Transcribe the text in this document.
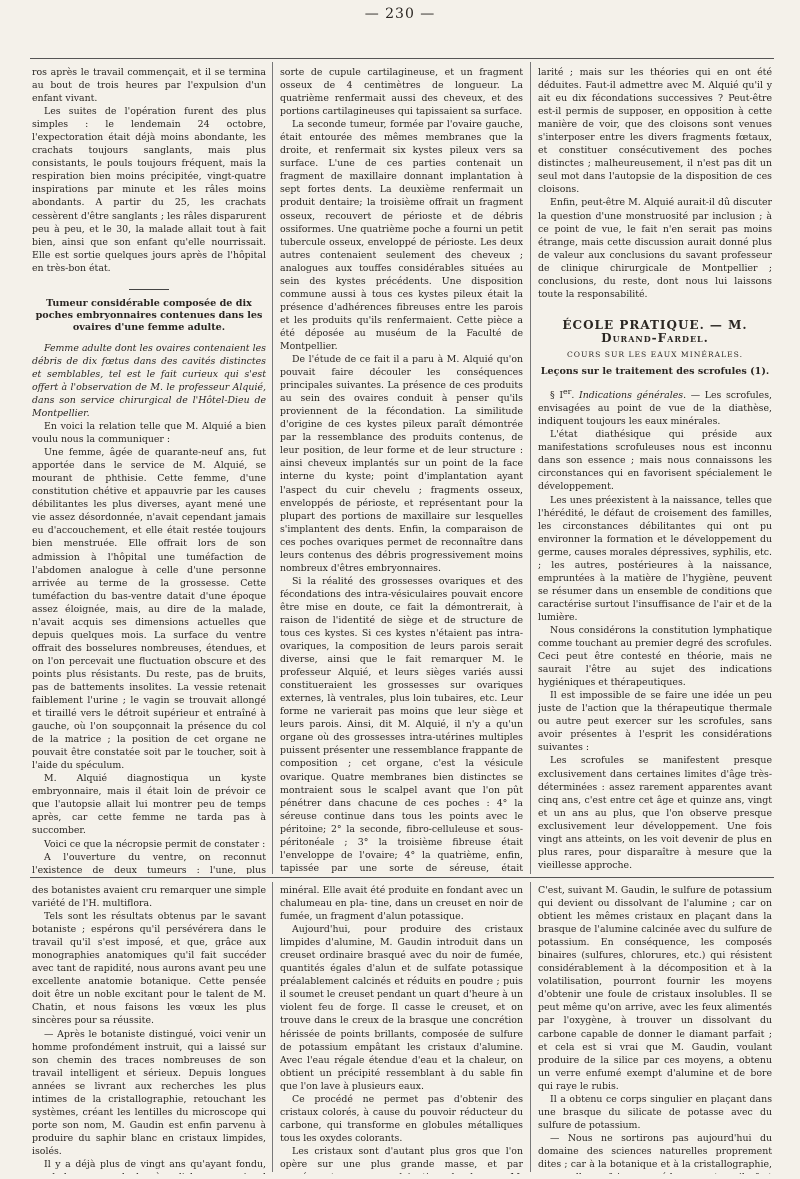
— 230 —

ros après le travail commençait, et il se termina au bout de trois heures par l'expulsion d'un enfant vivant.

Les suites de l'opération furent des plus simples : le lendemain 24 octobre, l'expectoration était déjà moins abondante, les crachats toujours sanglants, mais plus consistants, le pouls toujours fréquent, mais la respiration bien moins précipitée, vingt-quatre inspirations par minute et les râles moins abondants. A partir du 25, les crachats cessèrent d'être sanglants ; les râles disparurent peu à peu, et le 30, la malade allait tout à fait bien, ainsi que son enfant qu'elle nourrissait. Elle est sortie quelques jours après de l'hôpital en très-bon état.

Tumeur considérable composée de dix poches embryonnaires contenues dans les ovaires d'une femme adulte.

Femme adulte dont les ovaires contenaient les débris de dix fœtus dans des cavités distinctes et semblables, tel est le fait curieux qui s'est offert à l'observation de M. le professeur Alquié, dans son service chirurgical de l'Hôtel-Dieu de Montpellier.

En voici la relation telle que M. Alquié a bien voulu nous la communiquer :

Une femme, âgée de quarante-neuf ans, fut apportée dans le service de M. Alquié, se mourant de phthisie. Cette femme, d'une constitution chétive et appauvrie par les causes débilitantes les plus diverses, ayant mené une vie assez désordonnée, n'avait cependant jamais eu d'accouchement, et elle était restée toujours bien menstruée. Elle offrait lors de son admission à l'hôpital une tuméfaction de l'abdomen analogue à celle d'une personne arrivée au terme de la grossesse. Cette tuméfaction du bas-ventre datait d'une époque assez éloignée, mais, au dire de la malade, n'avait acquis ses dimensions actuelles que depuis quelques mois. La surface du ventre offrait des bosselures nombreuses, étendues, et on l'on percevait une fluctuation obscure et des points plus résistants. Du reste, pas de bruits, pas de battements insolites. La vessie retenait faiblement l'urine ; le vagin se trouvait allongé et tiraillé vers le détroit supérieur et entraîné à gauche, où l'on soupçonnait la présence du col de la matrice ; la position de cet organe ne pouvait être constatée soit par le toucher, soit à l'aide du spéculum.

M. Alquié diagnostiqua un kyste embryonnaire, mais il était loin de prévoir ce que l'autopsie allait lui montrer peu de temps après, car cette femme ne tarda pas à succomber.

Voici ce que la nécropsie permit de constater :

A l'ouverture du ventre, on reconnut l'existence de deux tumeurs : l'une, plus

sorte de cupule cartilagineuse, et un fragment osseux de 4 centimètres de longueur. La quatrième renfermait aussi des cheveux, et des portions cartilagineuses qui tapissaient sa surface.

La seconde tumeur, formée par l'ovaire gauche, était entourée des mêmes membranes que la droite, et renfermait six kystes pileux vers sa surface. L'une de ces parties contenait un fragment de maxillaire donnant implantation à sept fortes dents. La deuxième renfermait un produit dentaire; la troisième offrait un fragment osseux, recouvert de périoste et de débris ossiformes. Une quatrième poche a fourni un petit tubercule osseux, enveloppé de périoste. Les deux autres contenaient seulement des cheveux ; analogues aux touffes considérables situées au sein des kystes précédents. Une disposition commune aussi à tous ces kystes pileux était la présence d'adhérences fibreuses entre les parois et les produits qu'ils renfermaient. Cette pièce a été déposée au muséum de la Faculté de Montpellier.

De l'étude de ce fait il a paru à M. Alquié qu'on pouvait faire découler les conséquences principales suivantes. La présence de ces produits au sein des ovaires conduit à penser qu'ils proviennent de la fécondation. La similitude d'origine de ces kystes pileux paraît démontrée par la ressemblance des produits contenus, de leur position, de leur forme et de leur structure : ainsi cheveux implantés sur un point de la face interne du kyste; point d'implantation ayant l'aspect du cuir chevelu ; fragments osseux, enveloppés de périoste, et représentant pour la plupart des portions de maxillaire sur lesquelles s'implantent des dents. Enfin, la comparaison de ces poches ovariques permet de reconnaître dans leurs contenus des débris progressivement moins nombreux d'êtres embryonnaires.

Si la réalité des grossesses ovariques et des fécondations des intra-vésiculaires pouvait encore être mise en doute, ce fait la démontrerait, à raison de l'identité de siège et de structure de tous ces kystes. Si ces kystes n'étaient pas intra-ovariques, la composition de leurs parois serait diverse, ainsi que le fait remarquer M. le professeur Alquié, et leurs sièges variés aussi constitueraient les grossesses sur ovariques externes, là ventrales, plus loin tubaires, etc. Leur forme ne varierait pas moins que leur siège et leurs parois. Ainsi, dit M. Alquié, il n'y a qu'un organe où des grossesses intra-utérines multiples puissent présenter une ressemblance frappante de composition ; cet organe, c'est la vésicule ovarique. Quatre membranes bien distinctes se montraient sous le scalpel avant que l'on pût pénétrer dans chacune de ces poches : 4° la séreuse continue dans tous les points avec le péritoine; 2° la seconde, fibro-celluleuse et sous-péritonéale ; 3° la troisième fibreuse était l'enveloppe de l'ovaire; 4° la quatrième, enfin, tapissée par une sorte de séreuse, était

larité ; mais sur les théories qui en ont été déduites. Faut-il admettre avec M. Alquié qu'il y ait eu dix fécondations successives ? Peut-être est-il permis de supposer, en opposition à cette manière de voir, que des cloisons sont venues s'interposer entre les divers fragments fœtaux, et constituer consécutivement des poches distinctes ; malheureusement, il n'est pas dit un seul mot dans l'autopsie de la disposition de ces cloisons.

Enfin, peut-être M. Alquié aurait-il dû discuter la question d'une monstruosité par inclusion ; à ce point de vue, le fait n'en serait pas moins étrange, mais cette discussion aurait donné plus de valeur aux conclusions du savant professeur de clinique chirurgicale de Montpellier ; conclusions, du reste, dont nous lui laissons toute la responsabilité.

ÉCOLE PRATIQUE. — M. Durand-Fardel.
COURS SUR LES EAUX MINÉRALES.
Leçons sur le traitement des scrofules (1).

§ Ier. Indications générales. — Les scrofules, envisagées au point de vue de la diathèse, indiquent toujours les eaux minérales.

L'état diathésique qui préside aux manifestations scrofuleuses nous est inconnu dans son essence ; mais nous connaissons les circonstances qui en favorisent spécialement le développement.

Les unes préexistent à la naissance, telles que l'hérédité, le défaut de croisement des familles, les circonstances débilitantes qui ont pu environner la formation et le développement du germe, causes morales dépressives, syphilis, etc. ; les autres, postérieures à la naissance, empruntées à la matière de l'hygiène, peuvent se résumer dans un ensemble de conditions que caractérise surtout l'insuffisance de l'air et de la lumière.

Nous considérons la constitution lymphatique comme touchant au premier degré des scrofules. Ceci peut être contesté en théorie, mais ne saurait l'être au sujet des indications hygiéniques et thérapeutiques.

Il est impossible de se faire une idée un peu juste de l'action que la thérapeutique thermale ou autre peut exercer sur les scrofules, sans avoir présentes à l'esprit les considérations suivantes :

Les scrofules se manifestent presque exclusivement dans certaines limites d'âge très-déterminées : assez rarement apparentes avant cinq ans, c'est entre cet âge et quinze ans, vingt et un ans au plus, que l'on observe presque exclusivement leur développement. Une fois vingt ans atteints, on les voit devenir de plus en plus rares, pour disparaître à mesure que la vieillesse approche.

des botanistes avaient cru remarquer une simple variété de l'H. multiflora.

Tels sont les résultats obtenus par le savant botaniste ; espérons qu'il persévérera dans le travail qu'il s'est imposé, et que, grâce aux monographies anatomiques qu'il fait succéder avec tant de rapidité, nous aurons avant peu une excellente anatomie botanique. Cette pensée doit être un noble excitant pour le talent de M. Chatin, et nous faisons les vœux les plus sincères pour sa réussite.

— Après le botaniste distingué, voici venir un homme profondément instruit, qui a laissé sur son chemin des traces nombreuses de son travail intelligent et sérieux. Depuis longues années se livrant aux recherches les plus intimes de la cristallographie, retouchant les systèmes, créant les lentilles du microscope qui porte son nom, M. Gaudin est enfin parvenu à produire du saphir blanc en cristaux limpides, isolés.

Il y a déjà plus de vingt ans qu'ayant fondu,

minéral. Elle avait été produite en fondant avec un chalumeau en pla- tine, dans un creuset en noir de fumée, un fragment d'alun potassique.

Aujourd'hui, pour produire des cristaux limpides d'alumine, M. Gaudin introduit dans un creuset ordinaire brasqué avec du noir de fumée, quantités égales d'alun et de sulfate potassique préalablement calcinés et réduits en poudre ; puis il soumet le creuset pendant un quart d'heure à un violent feu de forge. Il casse le creuset, et on trouve dans le creux de la brasque une concrétion hérissée de points brillants, composée de sulfure de potassium empâtant les cristaux d'alumine. Avec l'eau régale étendue d'eau et la chaleur, on obtient un précipité ressemblant à du sable fin que l'on lave à plusieurs eaux.

Ce procédé ne permet pas d'obtenir des cristaux colorés, à cause du pouvoir réducteur du carbone, qui transforme en globules métalliques tous les oxydes colorants.

Les cristaux sont d'autant plus gros que l'on opère sur une plus grande masse, et par

C'est, suivant M. Gaudin, le sulfure de potassium qui devient ou dissolvant de l'alumine ; car on obtient les mêmes cristaux en plaçant dans la brasque de l'alumine calcinée avec du sulfure de potassium. En conséquence, les composés binaires (sulfures, chlorures, etc.) qui résistent considérablement à la décomposition et à la volatilisation, pourront fournir les moyens d'obtenir une foule de cristaux insolubles. Il se peut même qu'on arrive, avec les feux alimentés par l'oxygène, à trouver un dissolvant du carbone capable de donner le diamant parfait ; et cela est si vrai que M. Gaudin, voulant produire de la silice par ces moyens, a obtenu un verre enfumé exempt d'alumine et de bore qui raye le rubis.

Il a obtenu ce corps singulier en plaçant dans une brasque du silicate de potasse avec du sulfure de potassium.

— Nous ne sortirons pas aujourd'hui du domaine des sciences naturelles proprement dites ; car à la botanique et à la cristallographie,
